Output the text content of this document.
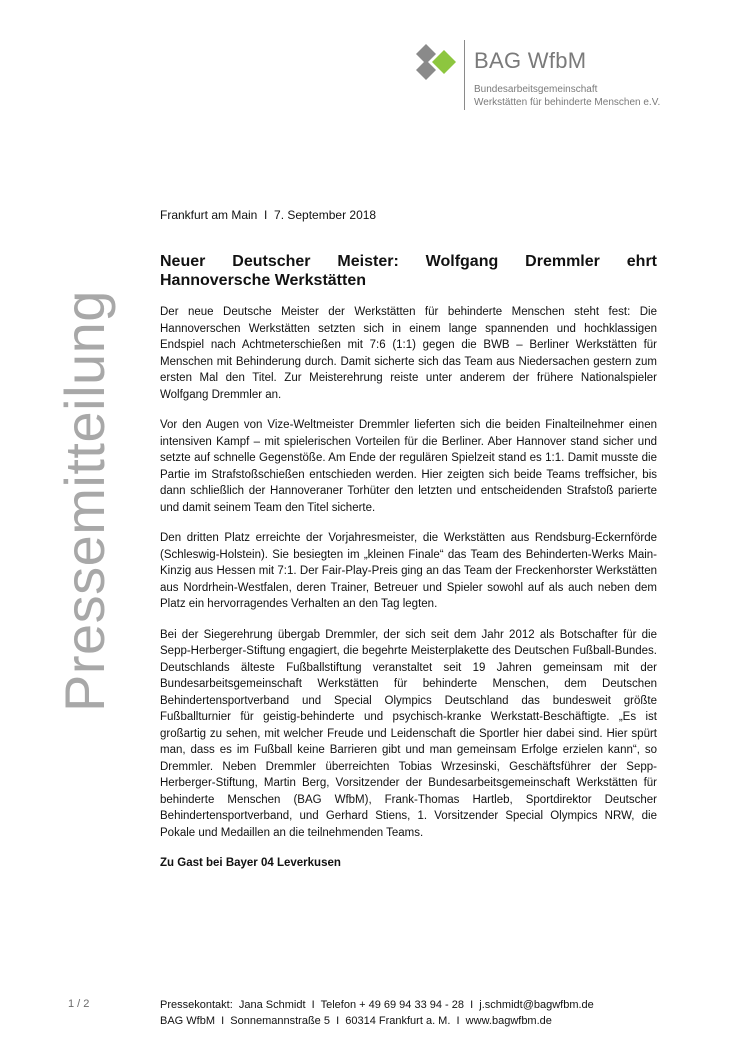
BAG WfbM
Bundesarbeitsgemeinschaft
Werkstätten für behinderte Menschen e.V.
Pressemitteilung
Frankfurt am Main  I  7. September 2018
Neuer Deutscher Meister: Wolfgang Dremmler ehrt Hannoversche Werkstätten

Der neue Deutsche Meister der Werkstätten für behinderte Menschen steht fest: Die Hannoverschen Werkstätten setzten sich in einem lange spannenden und hochklassigen Endspiel nach Achtmeterschießen mit 7:6 (1:1) gegen die BWB – Berliner Werkstätten für Menschen mit Behinderung durch. Damit sicherte sich das Team aus Niedersachen gestern zum ersten Mal den Titel. Zur Meisterehrung reiste unter anderem der frühere Nationalspieler Wolfgang Dremmler an.

Vor den Augen von Vize-Weltmeister Dremmler lieferten sich die beiden Finalteilnehmer einen intensiven Kampf – mit spielerischen Vorteilen für die Berliner. Aber Hannover stand sicher und setzte auf schnelle Gegenstöße. Am Ende der regulären Spielzeit stand es 1:1. Damit musste die Partie im Strafstoßschießen entschieden werden. Hier zeigten sich beide Teams treffsicher, bis dann schließlich der Hannoveraner Torhüter den letzten und entscheidenden Strafstoß parierte und damit seinem Team den Titel sicherte.

Den dritten Platz erreichte der Vorjahresmeister, die Werkstätten aus Rendsburg-Eckernförde (Schleswig-Holstein). Sie besiegten im „kleinen Finale“ das Team des Behinderten-Werks Main-Kinzig aus Hessen mit 7:1. Der Fair-Play-Preis ging an das Team der Freckenhorster Werkstätten aus Nordrhein-Westfalen, deren Trainer, Betreuer und Spieler sowohl auf als auch neben dem Platz ein hervorragendes Verhalten an den Tag legten.

Bei der Siegerehrung übergab Dremmler, der sich seit dem Jahr 2012 als Botschafter für die Sepp-Herberger-Stiftung engagiert, die begehrte Meisterplakette des Deutschen Fußball-Bundes. Deutschlands älteste Fußballstiftung veranstaltet seit 19 Jahren gemeinsam mit der Bundesarbeitsgemeinschaft Werkstätten für behinderte Menschen, dem Deutschen Behindertensportverband und Special Olympics Deutschland das bundesweit größte Fußballturnier für geistig-behinderte und psychisch-kranke Werkstatt-Beschäftigte. „Es ist großartig zu sehen, mit welcher Freude und Leidenschaft die Sportler hier dabei sind. Hier spürt man, dass es im Fußball keine Barrieren gibt und man gemeinsam Erfolge erzielen kann“, so Dremmler. Neben Dremmler überreichten Tobias Wrzesinski, Geschäftsführer der Sepp-Herberger-Stiftung, Martin Berg, Vorsitzender der Bundesarbeitsgemeinschaft Werkstätten für behinderte Menschen (BAG WfbM), Frank-Thomas Hartleb, Sportdirektor Deutscher Behindertensportverband, und Gerhard Stiens, 1. Vorsitzender Special Olympics NRW, die Pokale und Medaillen an die teilnehmenden Teams.

Zu Gast bei Bayer 04 Leverkusen

1 / 2	Pressekontakt:  Jana Schmidt  I  Telefon + 49 69 94 33 94 - 28  I  j.schmidt@bagwfbm.de
BAG WfbM  I  Sonnemannstraße 5  I  60314 Frankfurt a. M.  I  www.bagwfbm.de
